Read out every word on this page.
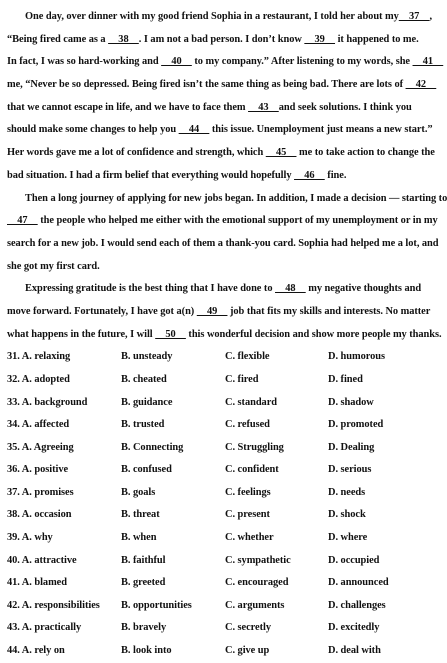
One day, over dinner with my good friend Sophia in a restaurant, I told her about my    37    ,
“Being fired came as a     38    . I am not a bad person. I don’t know     39     it happened to me.
In fact, I was so hard-working and     40     to my company.” After listening to my words, she     41
me, “Never be so depressed. Being fired isn’t the same thing as being bad. There are lots of     42
that we cannot escape in life, and we have to face them     43    and seek solutions. I think you
should make some changes to help you     44     this issue. Unemployment just means a new start.”
Her words gave me a lot of confidence and strength, which     45     me to take action to change the
bad situation. I had a firm belief that everything would hopefully     46     fine.
Then a long journey of applying for new jobs began. In addition, I made a decision — starting to
47     the people who helped me either with the emotional support of my unemployment or in my
search for a new job. I would send each of them a thank-you card. Sophia had helped me a lot, and
she got my first card.
Expressing gratitude is the best thing that I have done to     48     my negative thoughts and
move forward. Fortunately, I have got a(n)     49     job that fits my skills and interests. No matter
what happens in the future, I will     50     this wonderful decision and show more people my thanks.
31. A. relaxing	B. unsteady	C. flexible	D. humorous
32. A. adopted	B. cheated	C. fired	D. fined
33. A. background	B. guidance	C. standard	D. shadow
34. A. affected	B. trusted	C. refused	D. promoted
35. A. Agreeing	B. Connecting	C. Struggling	D. Dealing
36. A. positive	B. confused	C. confident	D. serious
37. A. promises	B. goals	C. feelings	D. needs
38. A. occasion	B. threat	C. present	D. shock
39. A. why	B. when	C. whether	D. where
40. A. attractive	B. faithful	C. sympathetic	D. occupied
41. A. blamed	B. greeted	C. encouraged	D. announced
42. A. responsibilities	B. opportunities	C. arguments	D. challenges
43. A. practically	B. bravely	C. secretly	D. excitedly
44. A. rely on	B. look into	C. give up	D. deal with
